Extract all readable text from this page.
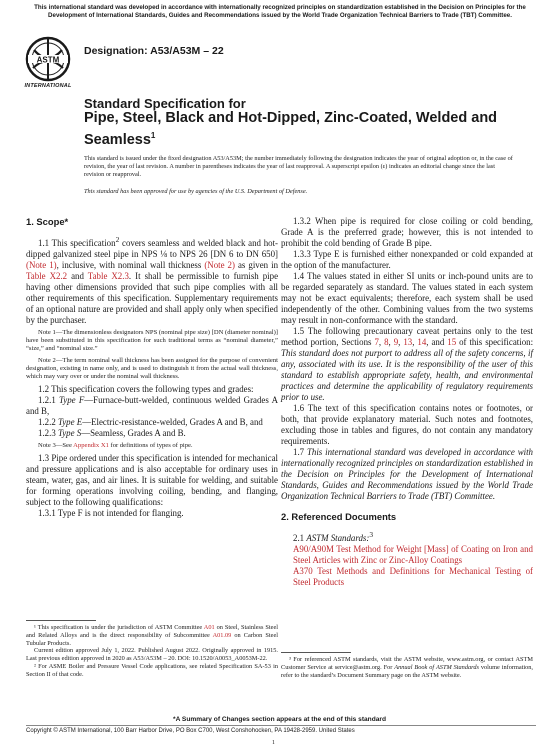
This international standard was developed in accordance with internationally recognized principles on standardization established in the Decision on Principles for the Development of International Standards, Guides and Recommendations issued by the World Trade Organization Technical Barriers to Trade (TBT) Committee.
ASTM
INTERNATIONAL
Designation: A53/A53M – 22
Standard Specification for
Pipe, Steel, Black and Hot-Dipped, Zinc-Coated, Welded and Seamless$^1$
This standard is issued under the fixed designation A53/A53M; the number immediately following the designation indicates the year of original adoption or, in the case of revision, the year of last revision. A number in parentheses indicates the year of last reapproval. A superscript epsilon (ε) indicates an editorial change since the last revision or reapproval.
This standard has been approved for use by agencies of the U.S. Department of Defense.
1. Scope*

1.1 This specification$^2$ covers seamless and welded black and hot-dipped galvanized steel pipe in NPS ⅛ to NPS 26 [DN 6 to DN 650] (Note 1), inclusive, with nominal wall thickness (Note 2) as given in Table X2.2 and Table X2.3. It shall be permissible to furnish pipe having other dimensions provided that such pipe complies with all other requirements of this specification. Supplementary requirements of an optional nature are provided and shall apply only when specified by the purchaser.

Note 1—The dimensionless designators NPS (nominal pipe size) [DN (diameter nominal)] have been substituted in this specification for such traditional terms as “nominal diameter,” “size,” and “nominal size.”

Note 2—The term nominal wall thickness has been assigned for the purpose of convenient designation, existing in name only, and is used to distinguish it from the actual wall thickness, which may vary over or under the nominal wall thickness.

1.2 This specification covers the following types and grades:

1.2.1 Type F—Furnace-butt-welded, continuous welded Grades A and B,

1.2.2 Type E—Electric-resistance-welded, Grades A and B, and

1.2.3 Type S—Seamless, Grades A and B.

Note 3—See Appendix X1 for definitions of types of pipe.

1.3 Pipe ordered under this specification is intended for mechanical and pressure applications and is also acceptable for ordinary uses in steam, water, gas, and air lines. It is suitable for welding, and suitable for forming operations involving coiling, bending, and flanging, subject to the following qualifications:

1.3.1 Type F is not intended for flanging.

1.3.2 When pipe is required for close coiling or cold bending, Grade A is the preferred grade; however, this is not intended to prohibit the cold bending of Grade B pipe.

1.3.3 Type E is furnished either nonexpanded or cold expanded at the option of the manufacturer.

1.4 The values stated in either SI units or inch-pound units are to be regarded separately as standard. The values stated in each system may not be exact equivalents; therefore, each system shall be used independently of the other. Combining values from the two systems may result in non-conformance with the standard.

1.5 The following precautionary caveat pertains only to the test method portion, Sections 7, 8, 9, 13, 14, and 15 of this specification: This standard does not purport to address all of the safety concerns, if any, associated with its use. It is the responsibility of the user of this standard to establish appropriate safety, health, and environmental practices and determine the applicability of regulatory requirements prior to use.

1.6 The text of this specification contains notes or footnotes, or both, that provide explanatory material. Such notes and footnotes, excluding those in tables and figures, do not contain any mandatory requirements.

1.7 This international standard was developed in accordance with internationally recognized principles on standardization established in the Decision on Principles for the Development of International Standards, Guides and Recommendations issued by the World Trade Organization Technical Barriers to Trade (TBT) Committee.

2. Referenced Documents

2.1 ASTM Standards:$^3$

A90/A90M Test Method for Weight [Mass] of Coating on Iron and Steel Articles with Zinc or Zinc-Alloy Coatings

A370 Test Methods and Definitions for Mechanical Testing of Steel Products

¹ This specification is under the jurisdiction of ASTM Committee A01 on Steel, Stainless Steel and Related Alloys and is the direct responsibility of Subcommittee A01.09 on Carbon Steel Tubular Products.

Current edition approved July 1, 2022. Published August 2022. Originally approved in 1915. Last previous edition approved in 2020 as A53/A53M – 20. DOI: 10.1520/A0053_A0053M-22.

² For ASME Boiler and Pressure Vessel Code applications, see related Specification SA-53 in Section II of that code.

³ For referenced ASTM standards, visit the ASTM website, www.astm.org, or contact ASTM Customer Service at service@astm.org. For Annual Book of ASTM Standards volume information, refer to the standard’s Document Summary page on the ASTM website.

*A Summary of Changes section appears at the end of this standard
Copyright © ASTM International, 100 Barr Harbor Drive, PO Box C700, West Conshohocken, PA 19428-2959. United States
1
